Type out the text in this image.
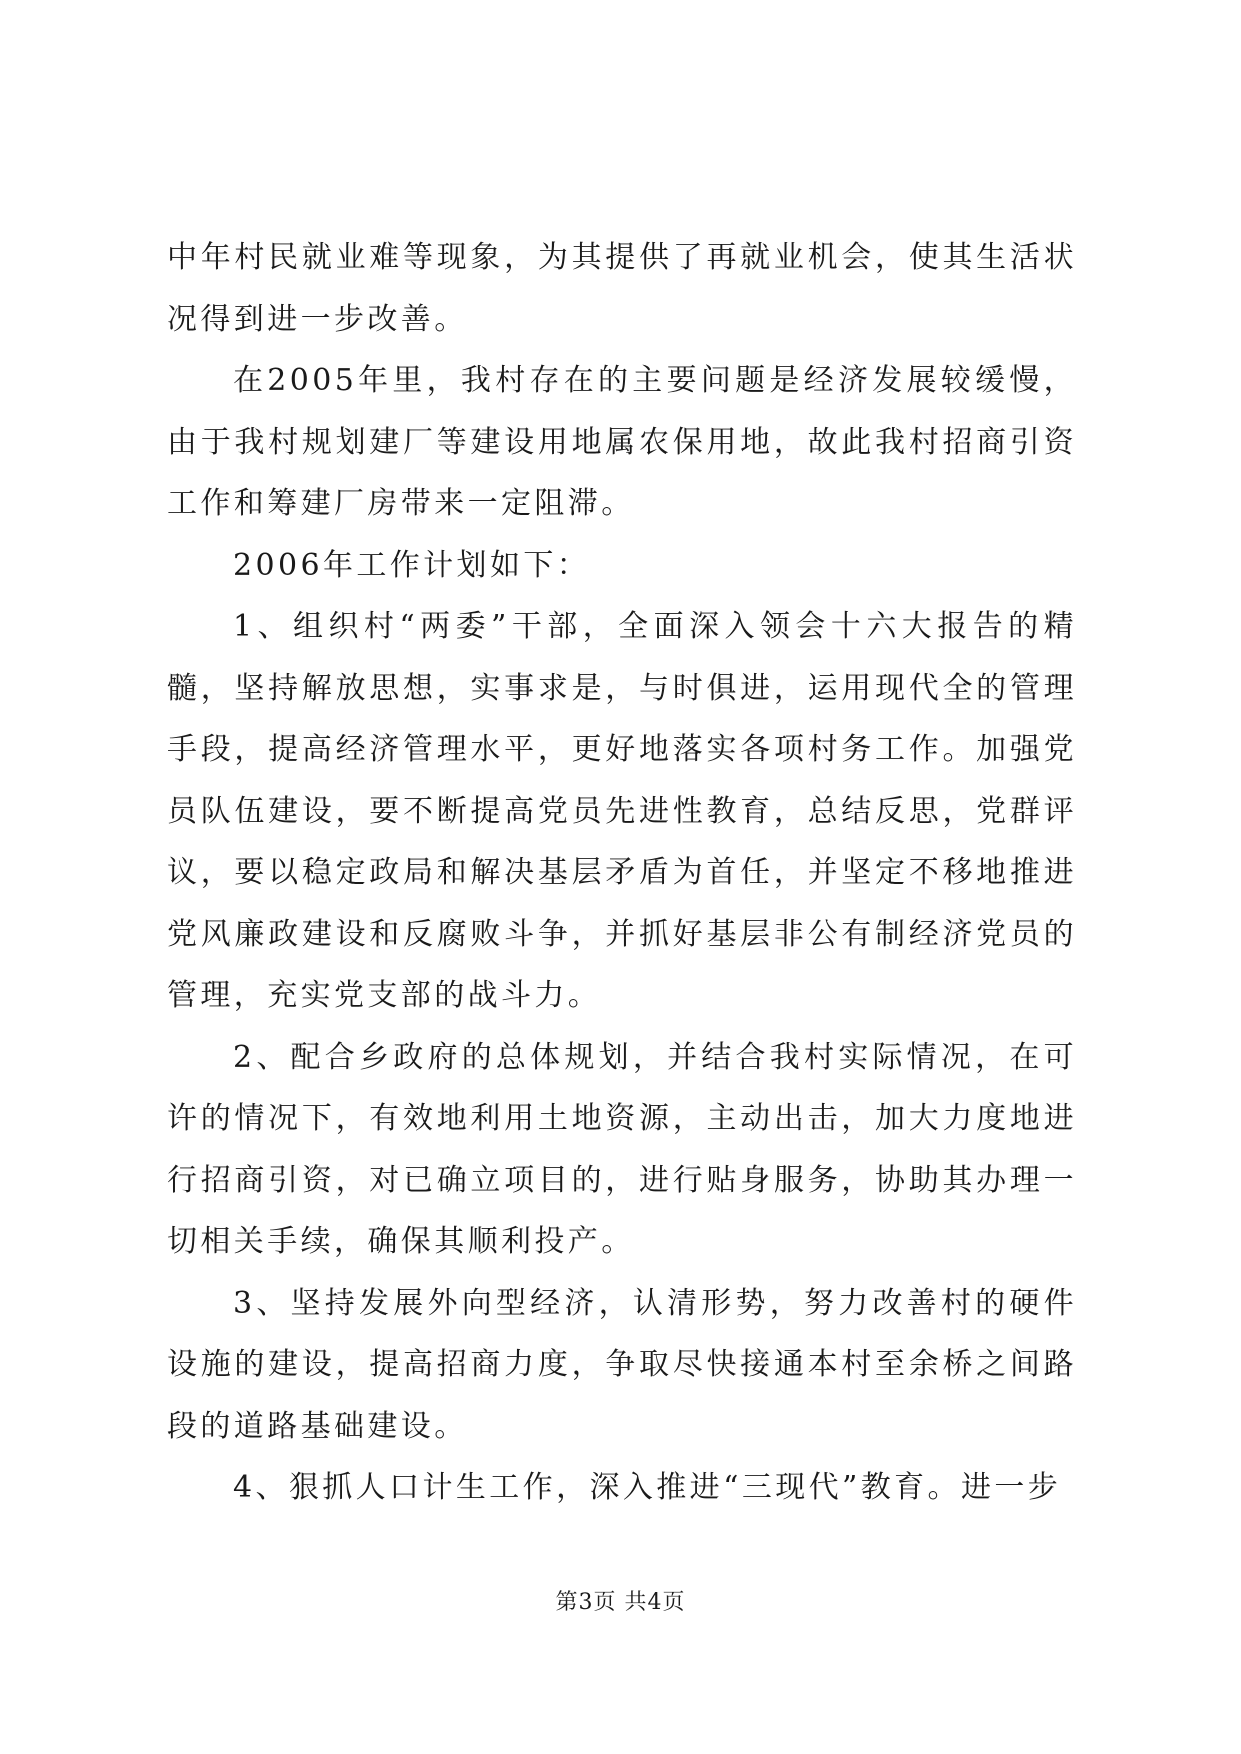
中年村民就业难等现象，为其提供了再就业机会，使其生活状况得到进一步改善。

在2005年里，我村存在的主要问题是经济发展较缓慢，由于我村规划建厂等建设用地属农保用地，故此我村招商引资工作和筹建厂房带来一定阻滞。

2006年工作计划如下：

1、组织村“两委”干部，全面深入领会十六大报告的精髓，坚持解放思想，实事求是，与时俱进，运用现代全的管理手段，提高经济管理水平，更好地落实各项村务工作。加强党员队伍建设，要不断提高党员先进性教育，总结反思，党群评议，要以稳定政局和解决基层矛盾为首任，并坚定不移地推进党风廉政建设和反腐败斗争，并抓好基层非公有制经济党员的管理，充实党支部的战斗力。

2、配合乡政府的总体规划，并结合我村实际情况，在可许的情况下，有效地利用土地资源，主动出击，加大力度地进行招商引资，对已确立项目的，进行贴身服务，协助其办理一切相关手续，确保其顺利投产。

3、坚持发展外向型经济，认清形势，努力改善村的硬件设施的建设，提高招商力度，争取尽快接通本村至余桥之间路段的道路基础建设。

4、狠抓人口计生工作，深入推进“三现代”教育。进一步

第3页 共4页
